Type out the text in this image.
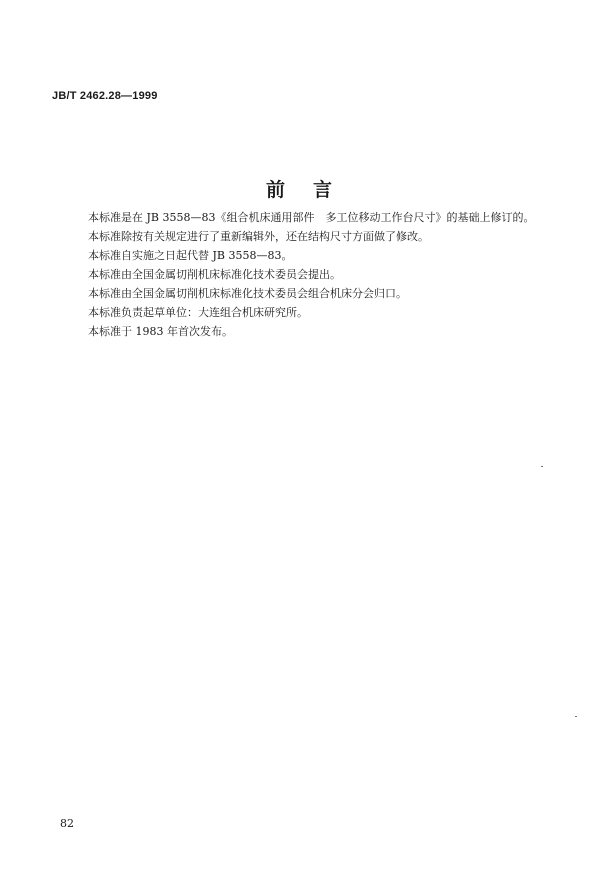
JB/T 2462.28—1999
前 言

本标准是在 JB 3558—83《组合机床通用部件　多工位移动工作台尺寸》的基础上修订的。

本标准除按有关规定进行了重新编辑外，还在结构尺寸方面做了修改。

本标准自实施之日起代替 JB 3558—83。

本标准由全国金属切削机床标准化技术委员会提出。

本标准由全国金属切削机床标准化技术委员会组合机床分会归口。

本标准负责起草单位：大连组合机床研究所。

本标准于 1983 年首次发布。

82
